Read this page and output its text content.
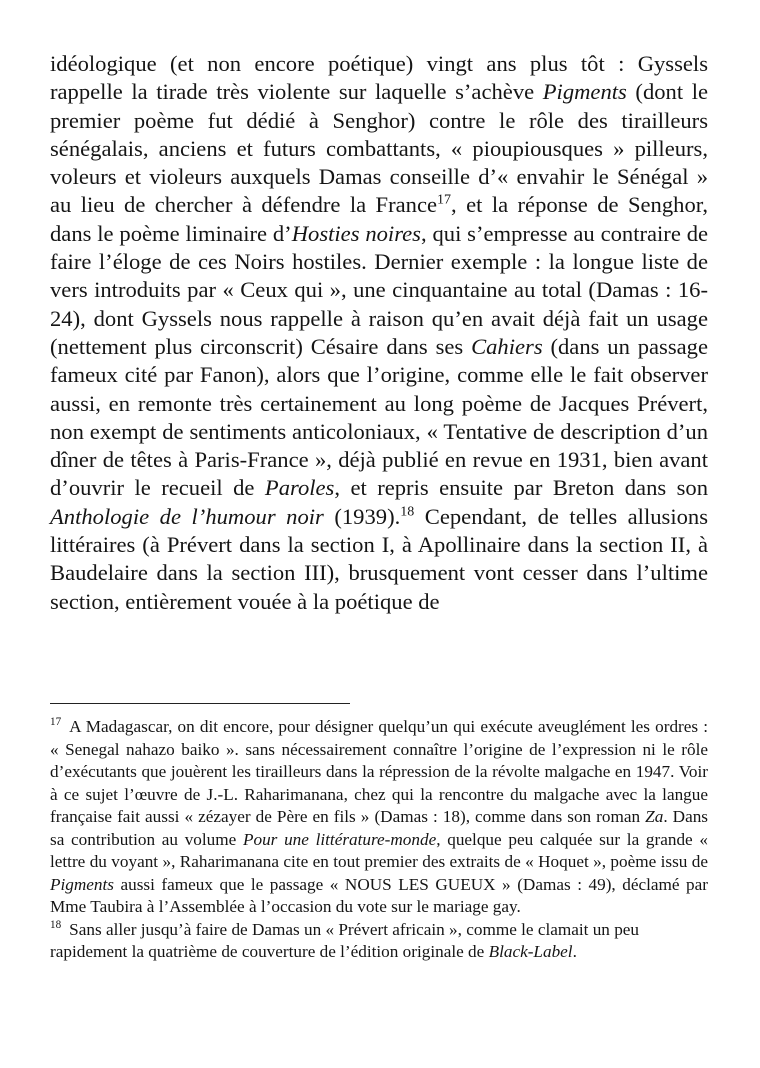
idéologique (et non encore poétique) vingt ans plus tôt : Gyssels rappelle la tirade très violente sur laquelle s’achève Pigments (dont le premier poème fut dédié à Senghor) contre le rôle des tirailleurs sénégalais, anciens et futurs combattants, « pioupiousques » pilleurs, voleurs et violeurs auxquels Damas conseille d’« envahir le Sénégal » au lieu de chercher à défendre la France$^{17}$, et la réponse de Senghor, dans le poème liminaire d’Hosties noires, qui s’empresse au contraire de faire l’éloge de ces Noirs hostiles. Dernier exemple : la longue liste de vers introduits par « Ceux qui », une cinquantaine au total (Damas : 16-24), dont Gyssels nous rappelle à raison qu’en avait déjà fait un usage (nettement plus circonscrit) Césaire dans ses Cahiers (dans un passage fameux cité par Fanon), alors que l’origine, comme elle le fait observer aussi, en remonte très certainement au long poème de Jacques Prévert, non exempt de sentiments anticoloniaux, « Tentative de description d’un dîner de têtes à Paris-France », déjà publié en revue en 1931, bien avant d’ouvrir le recueil de Paroles, et repris ensuite par Breton dans son Anthologie de l’humour noir (1939).$^{18}$ Cependant, de telles allusions littéraires (à Prévert dans la section I, à Apollinaire dans la section II, à Baudelaire dans la section III), brusquement vont cesser dans l’ultime section, entièrement vouée à la poétique de

$^{17}$ A Madagascar, on dit encore, pour désigner quelqu’un qui exécute aveuglément les ordres : « Senegal nahazo baiko ». sans nécessairement connaître l’origine de l’expression ni le rôle d’exécutants que jouèrent les tirailleurs dans la répression de la révolte malgache en 1947. Voir à ce sujet l’œuvre de J.-L. Raharimanana, chez qui la rencontre du malgache avec la langue française fait aussi « zézayer de Père en fils » (Damas : 18), comme dans son roman Za. Dans sa contribution au volume Pour une littérature-monde, quelque peu calquée sur la grande « lettre du voyant », Raharimanana cite en tout premier des extraits de « Hoquet », poème issu de Pigments aussi fameux que le passage « NOUS LES GUEUX » (Damas : 49), déclamé par Mme Taubira à l’Assemblée à l’occasion du vote sur le mariage gay.

$^{18}$ Sans aller jusqu’à faire de Damas un « Prévert africain », comme le clamait un peu rapidement la quatrième de couverture de l’édition originale de Black-Label.
